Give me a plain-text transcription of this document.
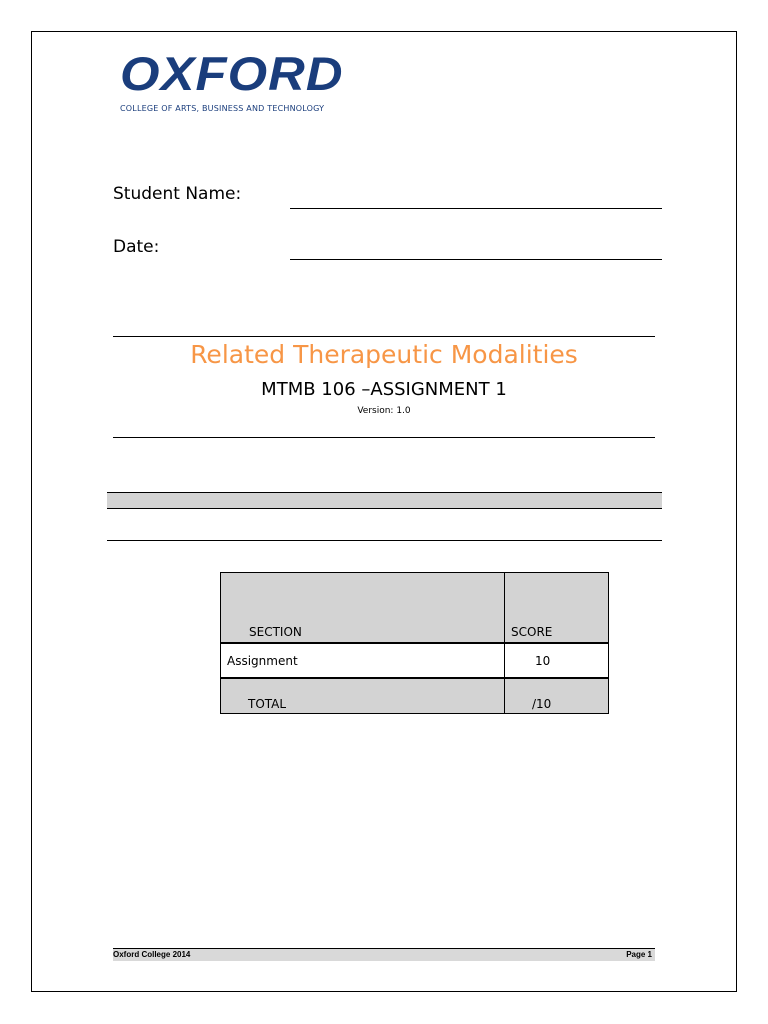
OXFORD
COLLEGE OF ARTS, BUSINESS AND TECHNOLOGY
Student Name:
Date:
Related Therapeutic Modalities
MTMB 106 –ASSIGNMENT 1
Version: 1.0
SECTION	SCORE
Assignment	10
TOTAL	/10
Oxford College 2014	Page 1
